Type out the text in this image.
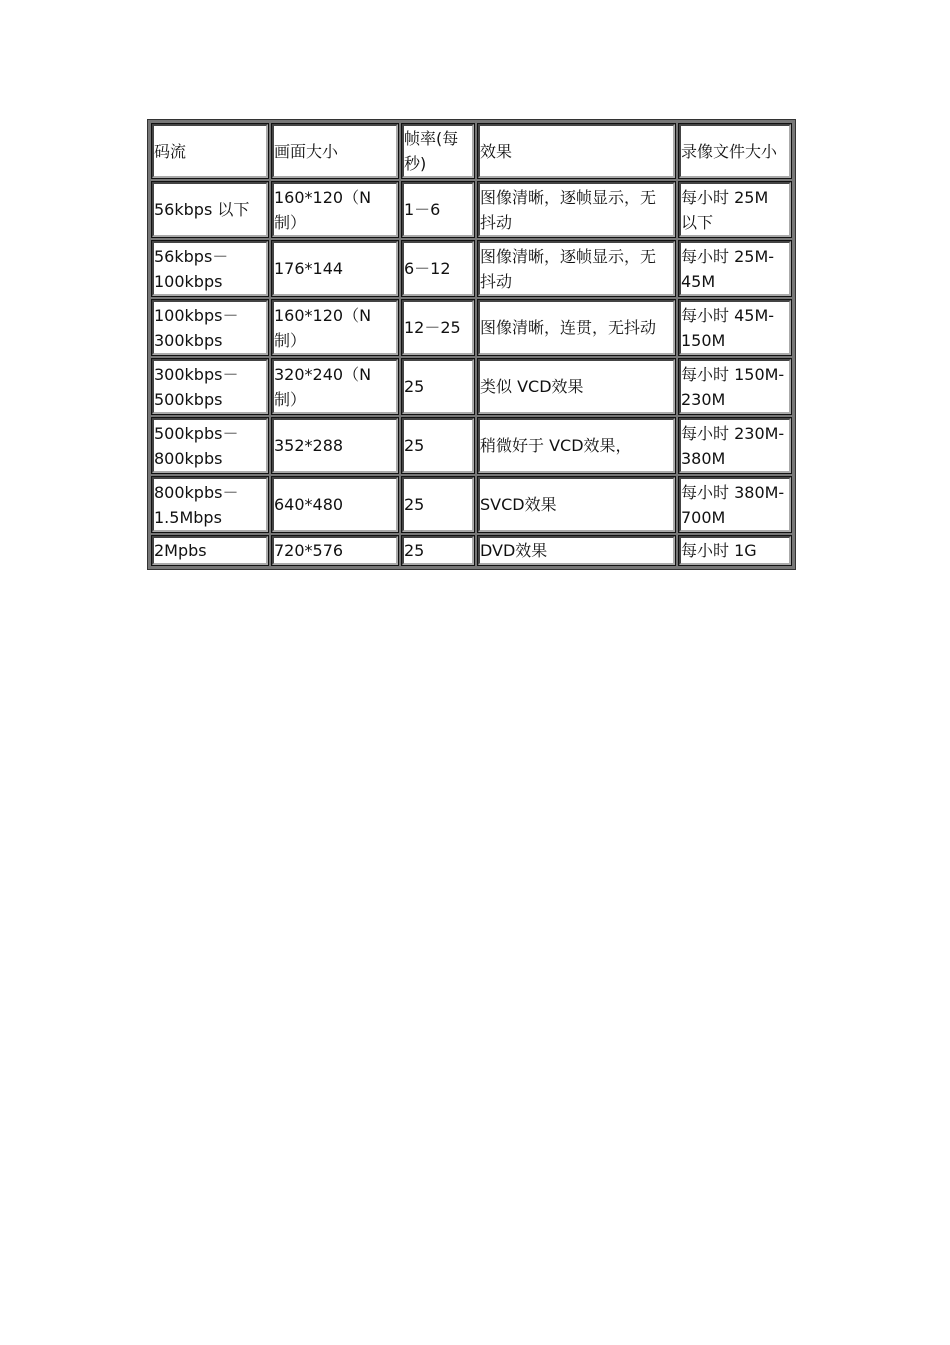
码流	画面大小	帧率(每秒)	效果	录像文件大小
56kbps 以下	160*120（N制）	1－6	图像清晰，逐帧显示，无抖动	每小时 25M 以下
56kbps－100kbps	176*144	6－12	图像清晰，逐帧显示，无抖动	每小时 25M-45M
100kbps－300kbps	160*120（N制）	12－25	图像清晰，连贯，无抖动	每小时 45M-150M
300kbps－500kbps	320*240（N制）	25	类似 VCD效果	每小时 150M-230M
500kpbs－800kpbs	352*288	25	稍微好于 VCD效果，	每小时 230M-380M
800kpbs－1.5Mbps	640*480	25	SVCD效果	每小时 380M-700M
2Mpbs	720*576	25	DVD效果	每小时 1G
